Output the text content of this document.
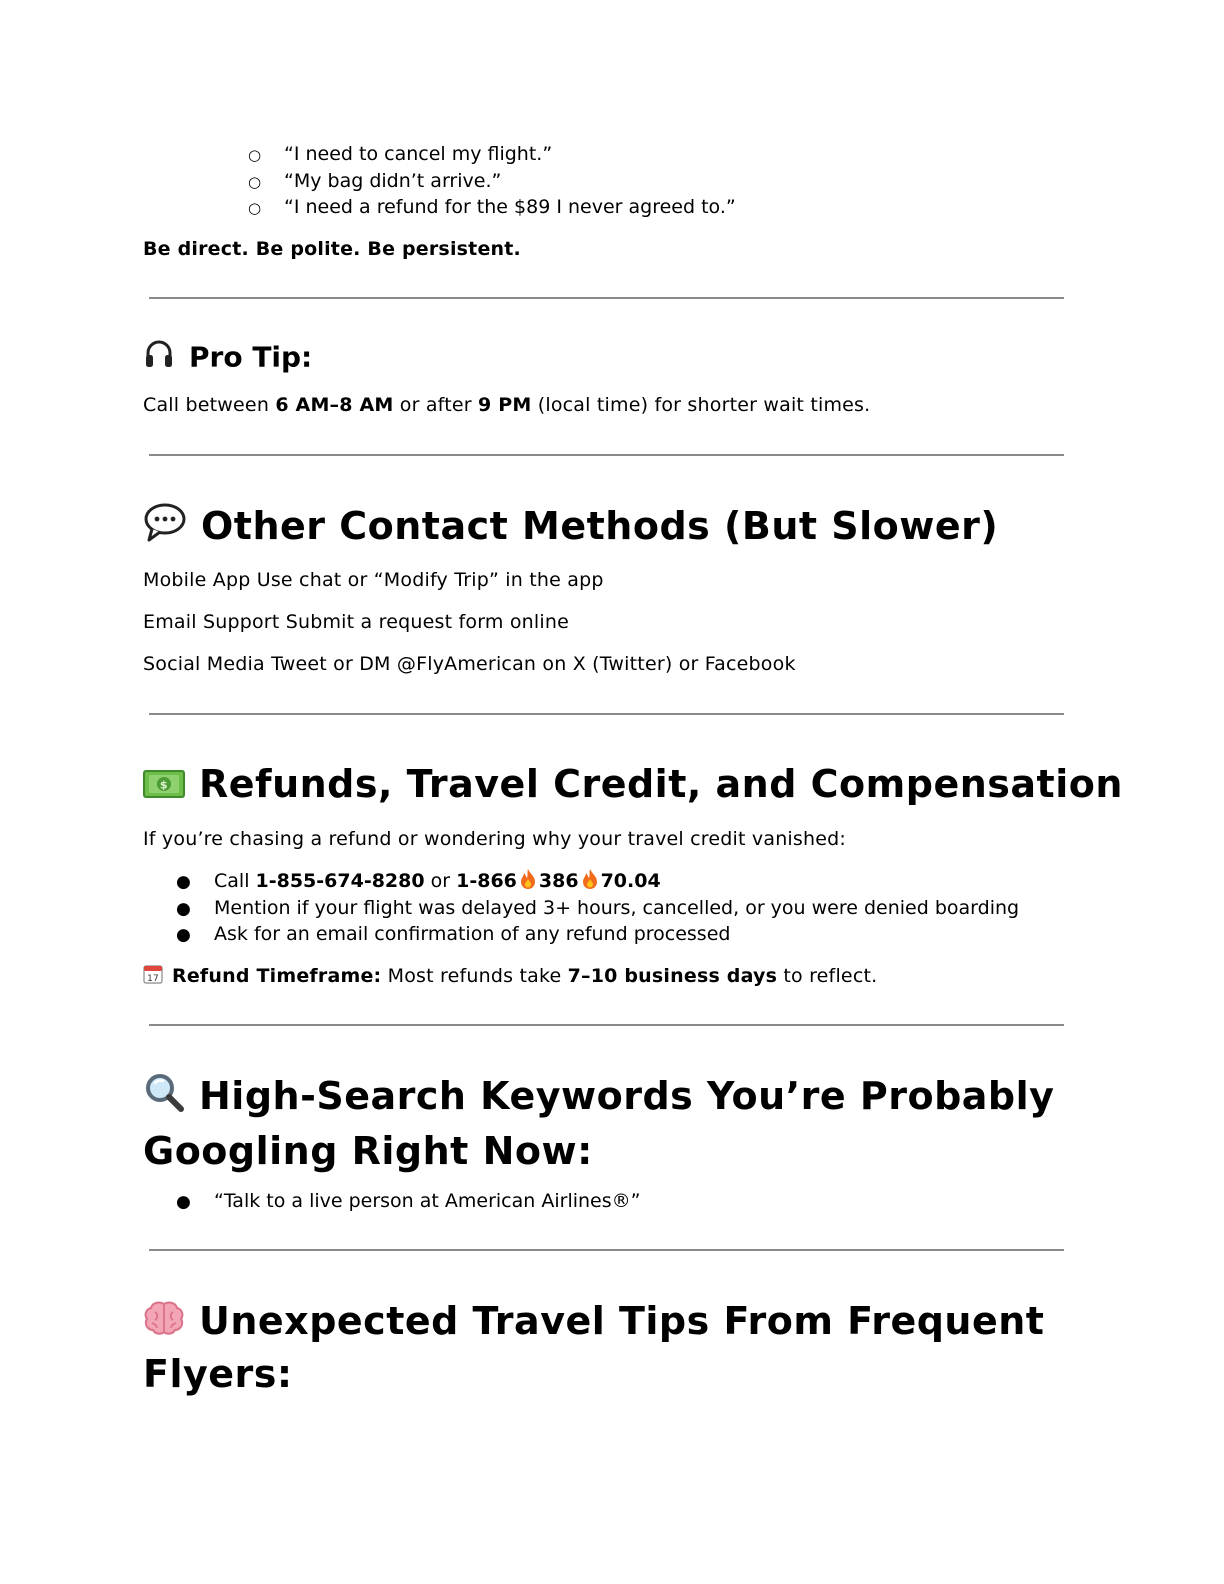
○ “I need to cancel my flight.”
○ “My bag didn’t arrive.”
○ “I need a refund for the $89 I never agreed to.”
Be direct. Be polite. Be persistent.
Pro Tip:
Call between 6 AM–8 AM or after 9 PM (local time) for shorter wait times.
Other Contact Methods (But Slower)
Mobile App Use chat or “Modify Trip” in the app
Email Support Submit a request form online
Social Media Tweet or DM @FlyAmerican on X (Twitter) or Facebook
$ Refunds, Travel Credit, and Compensation
If you’re chasing a refund or wondering why your travel credit vanished:
● Call 1-855-674-8280 or 1-866 386 70.04
● Mention if your flight was delayed 3+ hours, cancelled, or you were denied boarding
● Ask for an email confirmation of any refund processed
17 Refund Timeframe: Most refunds take 7–10 business days to reflect.
High-Search Keywords You’re Probably
Googling Right Now:
● “Talk to a live person at American Airlines®”
Unexpected Travel Tips From Frequent
Flyers:
